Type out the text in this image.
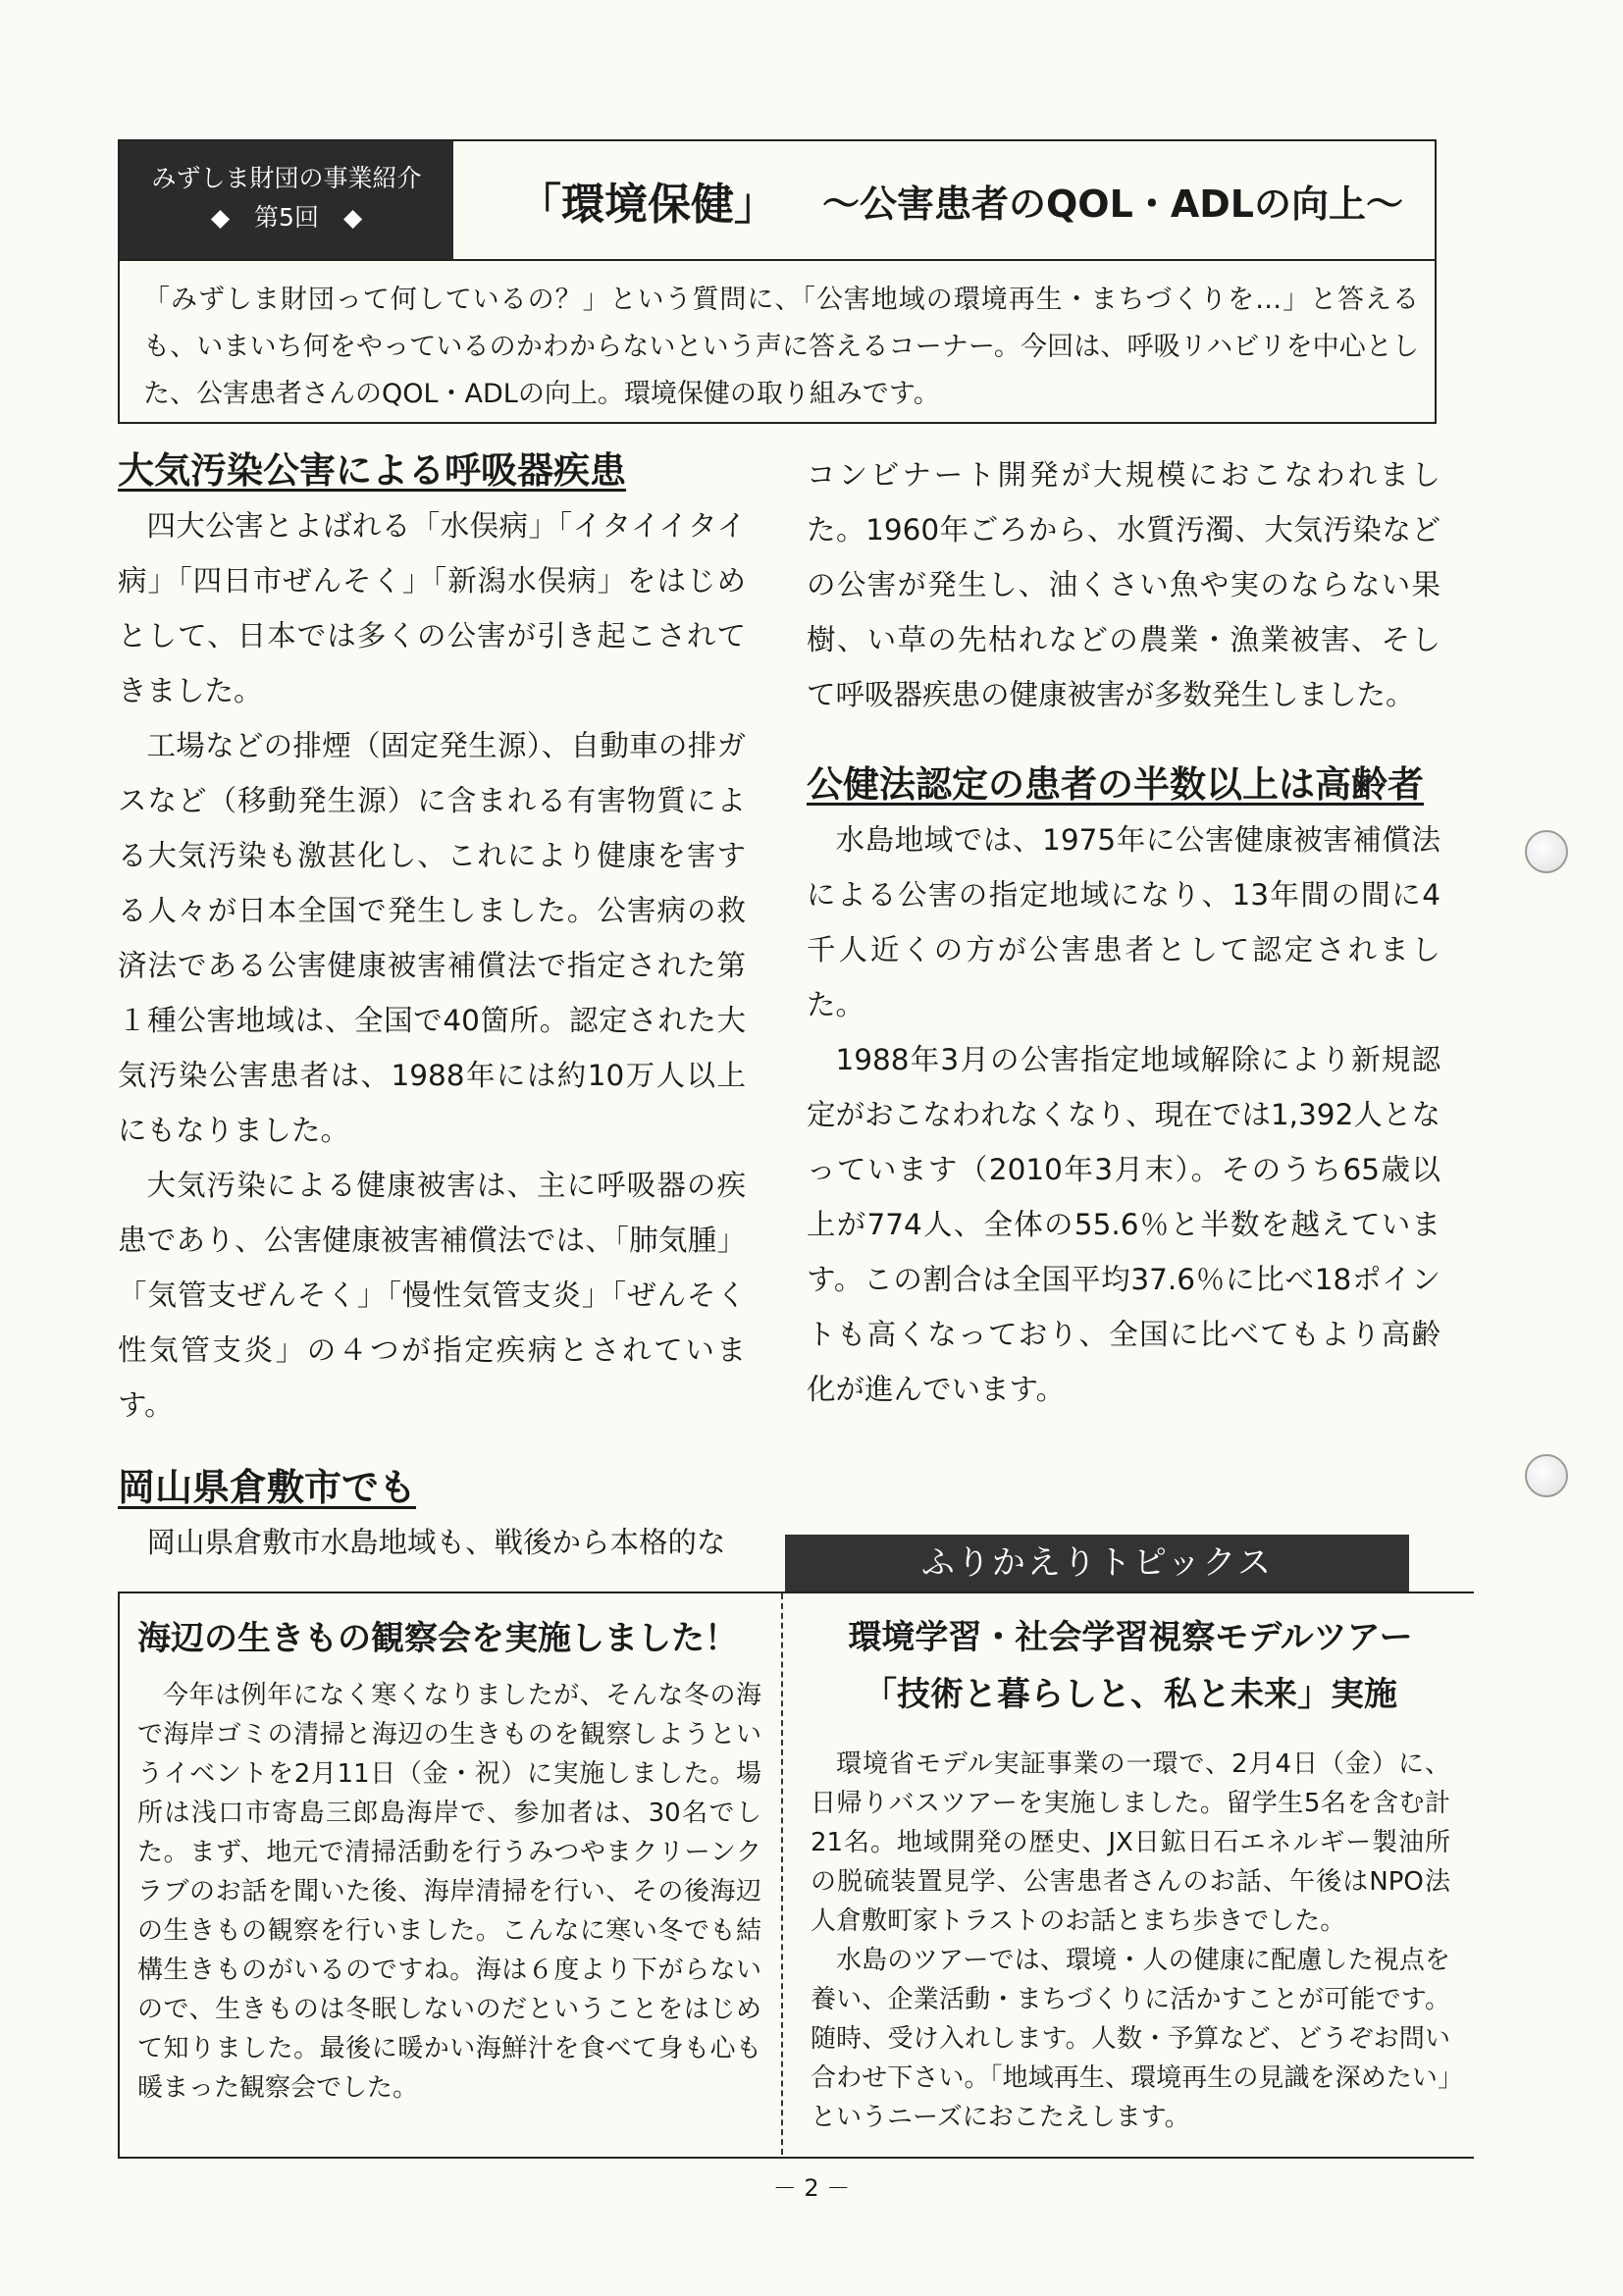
みずしま財団の事業紹介
◆　第5回　◆	「環境保健」 ～公害患者のQOL・ADLの向上～
「みずしま財団って何しているの？」という質問に、「公害地域の環境再生・まちづくりを…」と答えるも、いまいち何をやっているのかわからないという声に答えるコーナー。今回は、呼吸リハビリを中心とした、公害患者さんのQOL・ADLの向上。環境保健の取り組みです。
大気汚染公害による呼吸器疾患

四大公害とよばれる「水俣病」「イタイイタイ病」「四日市ぜんそく」「新潟水俣病」をはじめとして、日本では多くの公害が引き起こされてきました。

工場などの排煙（固定発生源）、自動車の排ガスなど（移動発生源）に含まれる有害物質による大気汚染も激甚化し、これにより健康を害する人々が日本全国で発生しました。公害病の救済法である公害健康被害補償法で指定された第１種公害地域は、全国で40箇所。認定された大気汚染公害患者は、1988年には約10万人以上にもなりました。

大気汚染による健康被害は、主に呼吸器の疾患であり、公害健康被害補償法では、「肺気腫」「気管支ぜんそく」「慢性気管支炎」「ぜんそく性気管支炎」の４つが指定疾病とされています。

岡山県倉敷市でも

岡山県倉敷市水島地域も、戦後から本格的な

コンビナート開発が大規模におこなわれました。1960年ごろから、水質汚濁、大気汚染などの公害が発生し、油くさい魚や実のならない果樹、い草の先枯れなどの農業・漁業被害、そして呼吸器疾患の健康被害が多数発生しました。
公健法認定の患者の半数以上は高齢者

水島地域では、1975年に公害健康被害補償法による公害の指定地域になり、13年間の間に4千人近くの方が公害患者として認定されました。

1988年3月の公害指定地域解除により新規認定がおこなわれなくなり、現在では1,392人となっています（2010年3月末）。そのうち65歳以上が774人、全体の55.6％と半数を越えています。この割合は全国平均37.6％に比べ18ポイントも高くなっており、全国に比べてもより高齢化が進んでいます。

ふりかえりトピックス
海辺の生きもの観察会を実施しました！

今年は例年になく寒くなりましたが、そんな冬の海で海岸ゴミの清掃と海辺の生きものを観察しようというイベントを2月11日（金・祝）に実施しました。場所は浅口市寄島三郎島海岸で、参加者は、30名でした。まず、地元で清掃活動を行うみつやまクリーンクラブのお話を聞いた後、海岸清掃を行い、その後海辺の生きもの観察を行いました。こんなに寒い冬でも結構生きものがいるのですね。海は６度より下がらないので、生きものは冬眠しないのだということをはじめて知りました。最後に暖かい海鮮汁を食べて身も心も暖まった観察会でした。

環境学習・社会学習視察モデルツアー
「技術と暮らしと、私と未来」実施

環境省モデル実証事業の一環で、2月4日（金）に、日帰りバスツアーを実施しました。留学生5名を含む計21名。地域開発の歴史、JX日鉱日石エネルギー製油所の脱硫装置見学、公害患者さんのお話、午後はNPO法人倉敷町家トラストのお話とまち歩きでした。

水島のツアーでは、環境・人の健康に配慮した視点を養い、企業活動・まちづくりに活かすことが可能です。随時、受け入れします。人数・予算など、どうぞお問い合わせ下さい。「地域再生、環境再生の見識を深めたい」というニーズにおこたえします。

－ 2 －
